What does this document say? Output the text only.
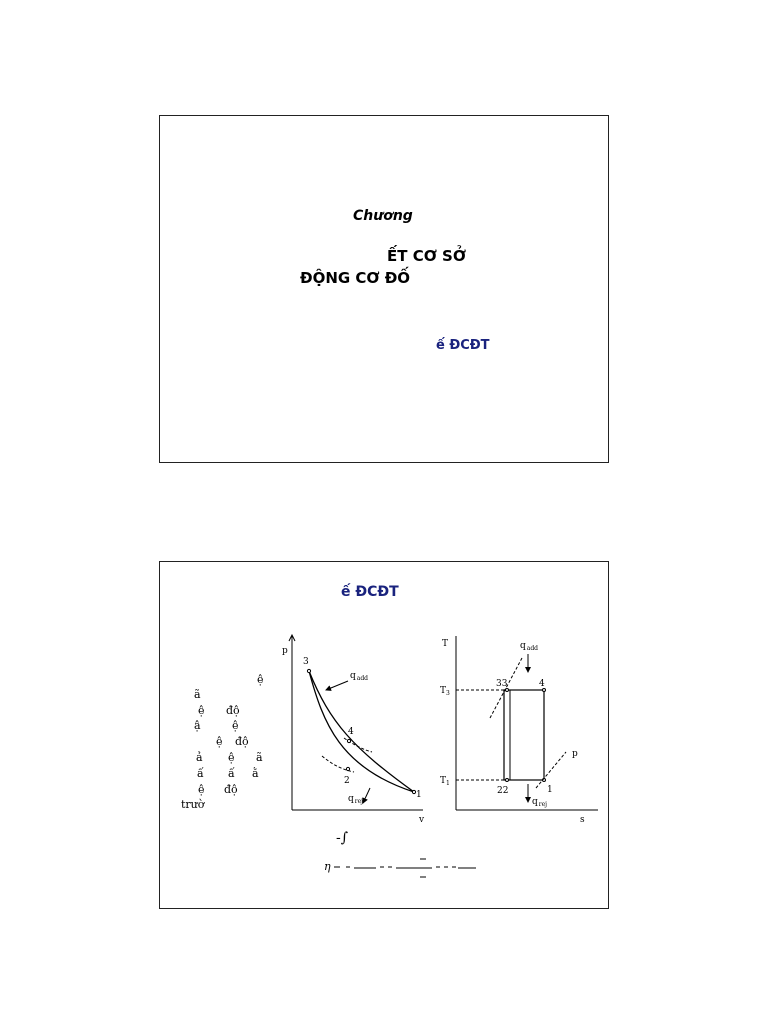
Chương
ẾT CƠ SỞ
ĐỘNG CƠ ĐỐ
ế ĐCĐT
ế ĐCĐT
ệ
ã
ệ độ
ậ	ệ
ệ độ
ả ệ ã
ấ ấ ằ
ệ độ
trườ
p
v
3
4
2
1
$q_{add}$
$q_{rej}$
T
s
$T_3$
$T_1$
33	4
22	1
p
$q_{add}$
$q_{rej}$
-∫
η
